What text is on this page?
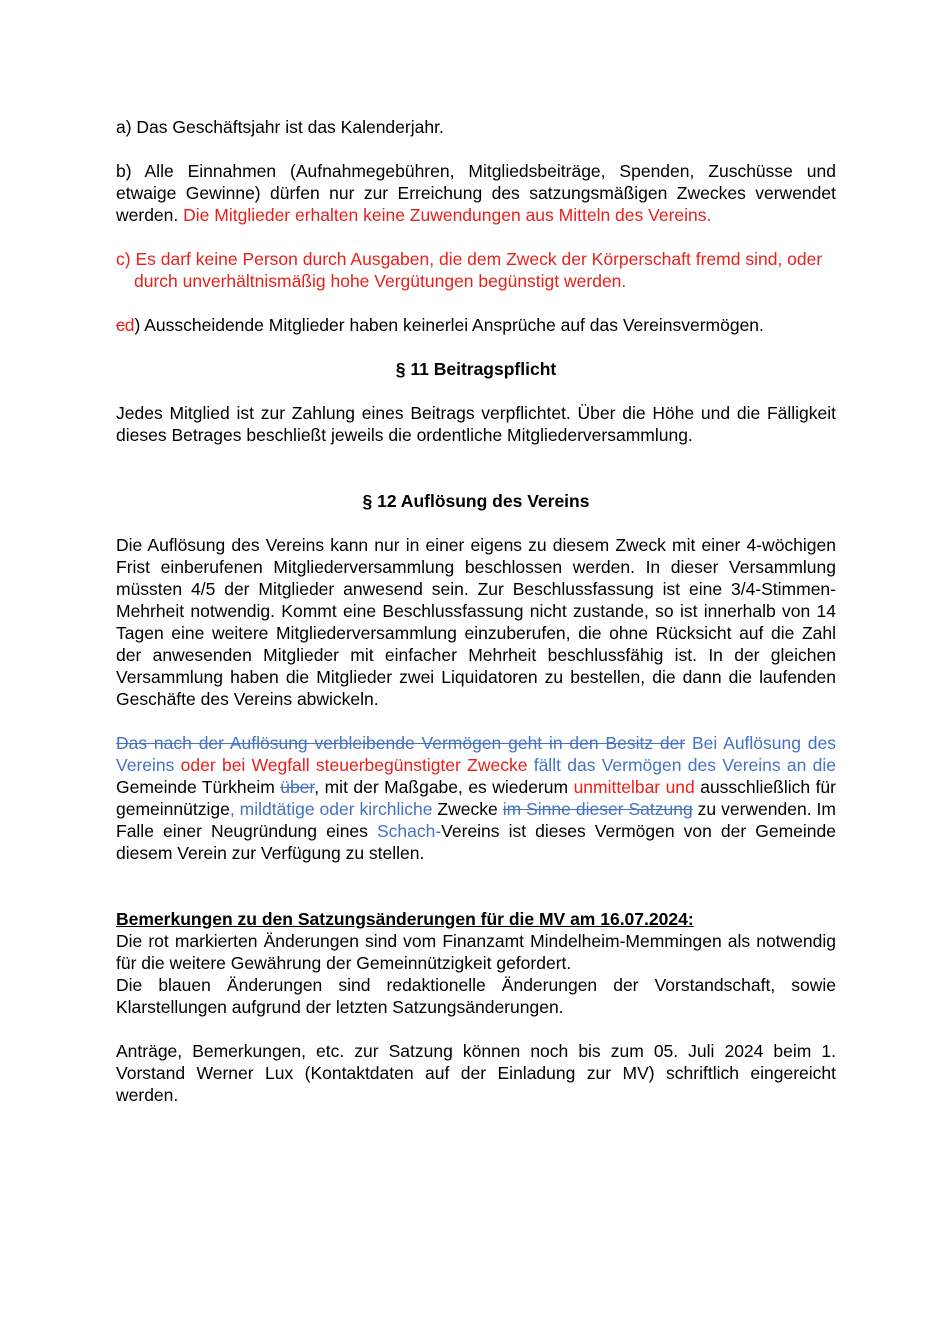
a) Das Geschäftsjahr ist das Kalenderjahr.

b) Alle Einnahmen (Aufnahmegebühren, Mitgliedsbeiträge, Spenden, Zuschüsse und etwaige Gewinne) dürfen nur zur Erreichung des satzungsmäßigen Zweckes verwendet werden. Die Mitglieder erhalten keine Zuwendungen aus Mitteln des Vereins.

c) Es darf keine Person durch Ausgaben, die dem Zweck der Körperschaft fremd sind, oder durch unverhältnismäßig hohe Vergütungen begünstigt werden.

cd) Ausscheidende Mitglieder haben keinerlei Ansprüche auf das Vereinsvermögen.

§ 11 Beitragspflicht

Jedes Mitglied ist zur Zahlung eines Beitrags verpflichtet. Über die Höhe und die Fälligkeit dieses Betrages beschließt jeweils die ordentliche Mitgliederversammlung.

§ 12 Auflösung des Vereins

Die Auflösung des Vereins kann nur in einer eigens zu diesem Zweck mit einer 4-wöchigen Frist einberufenen Mitgliederversammlung beschlossen werden. In dieser Versammlung müssten 4/5 der Mitglieder anwesend sein. Zur Beschlussfassung ist eine 3/4-Stimmen-Mehrheit notwendig. Kommt eine Beschlussfassung nicht zustande, so ist innerhalb von 14 Tagen eine weitere Mitgliederversammlung einzuberufen, die ohne Rücksicht auf die Zahl der anwesenden Mitglieder mit einfacher Mehrheit beschlussfähig ist. In der gleichen Versammlung haben die Mitglieder zwei Liquidatoren zu bestellen, die dann die laufenden Geschäfte des Vereins abwickeln.

Das nach der Auflösung verbleibende Vermögen geht in den Besitz der Bei Auflösung des Vereins oder bei Wegfall steuerbegünstigter Zwecke fällt das Vermögen des Vereins an die Gemeinde Türkheim über, mit der Maßgabe, es wiederum unmittelbar und ausschließlich für gemeinnützige, mildtätige oder kirchliche Zwecke im Sinne dieser Satzung zu verwenden. Im Falle einer Neugründung eines Schach-Vereins ist dieses Vermögen von der Gemeinde diesem Verein zur Verfügung zu stellen.

Bemerkungen zu den Satzungsänderungen für die MV am 16.07.2024:

Die rot markierten Änderungen sind vom Finanzamt Mindelheim-Memmingen als notwendig für die weitere Gewährung der Gemeinnützigkeit gefordert.

Die blauen Änderungen sind redaktionelle Änderungen der Vorstandschaft, sowie Klarstellungen aufgrund der letzten Satzungsänderungen.

Anträge, Bemerkungen, etc. zur Satzung können noch bis zum 05. Juli 2024 beim 1. Vorstand Werner Lux (Kontaktdaten auf der Einladung zur MV) schriftlich eingereicht werden.
